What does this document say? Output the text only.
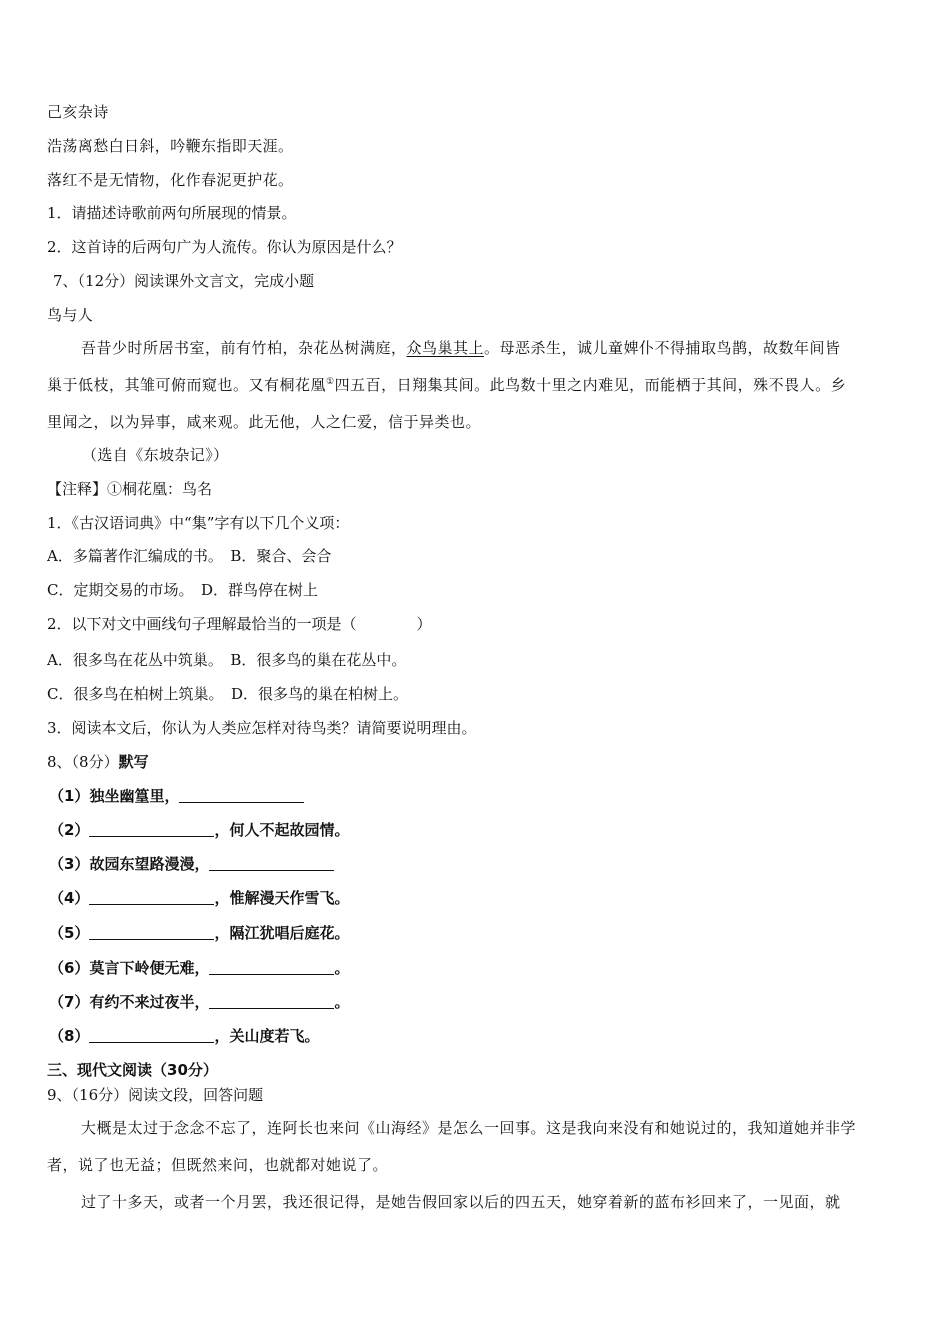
己亥杂诗
浩荡离愁白日斜，吟鞭东指即天涯。
落红不是无情物，化作春泥更护花。
1．请描述诗歌前两句所展现的情景。
2．这首诗的后两句广为人流传。你认为原因是什么？
7、（12分）阅读课外文言文，完成小题
鸟与人
吾昔少时所居书室，前有竹柏，杂花丛树满庭，众鸟巢其上。母恶杀生，诚儿童婢仆不得捕取鸟鹊，故数年间皆
巢于低枝，其雏可俯而窥也。又有桐花凰①四五百，日翔集其间。此鸟数十里之内难见，而能栖于其间，殊不畏人。乡
里闻之，以为异事，咸来观。此无他，人之仁爱，信于异类也。
（选自《东坡杂记》）
【注释】①桐花凰：鸟名
1．《古汉语词典》中“集”字有以下几个义项：
A．多篇著作汇编成的书。　B．聚合、会合
C．定期交易的市场。　D．群鸟停在树上
2．以下对文中画线句子理解最恰当的一项是（	）
A．很多鸟在花丛中筑巢。　B．很多鸟的巢在花丛中。
C．很多鸟在柏树上筑巢。　D．很多鸟的巢在柏树上。
3．阅读本文后，你认为人类应怎样对待鸟类？请简要说明理由。
8、（8分）默写
（1）独坐幽篁里，
（2）	，何人不起故园情。
（3）故园东望路漫漫，
（4）	，惟解漫天作雪飞。
（5）	，隔江犹唱后庭花。
（6）莫言下岭便无难，	。
（7）有约不来过夜半，	。
（8）	，关山度若飞。
三、现代文阅读（30分）
9、（16分）阅读文段，回答问题
大概是太过于念念不忘了，连阿长也来问《山海经》是怎么一回事。这是我向来没有和她说过的，我知道她并非学
者，说了也无益；但既然来问，也就都对她说了。
过了十多天，或者一个月罢，我还很记得，是她告假回家以后的四五天，她穿着新的蓝布衫回来了，一见面，就
